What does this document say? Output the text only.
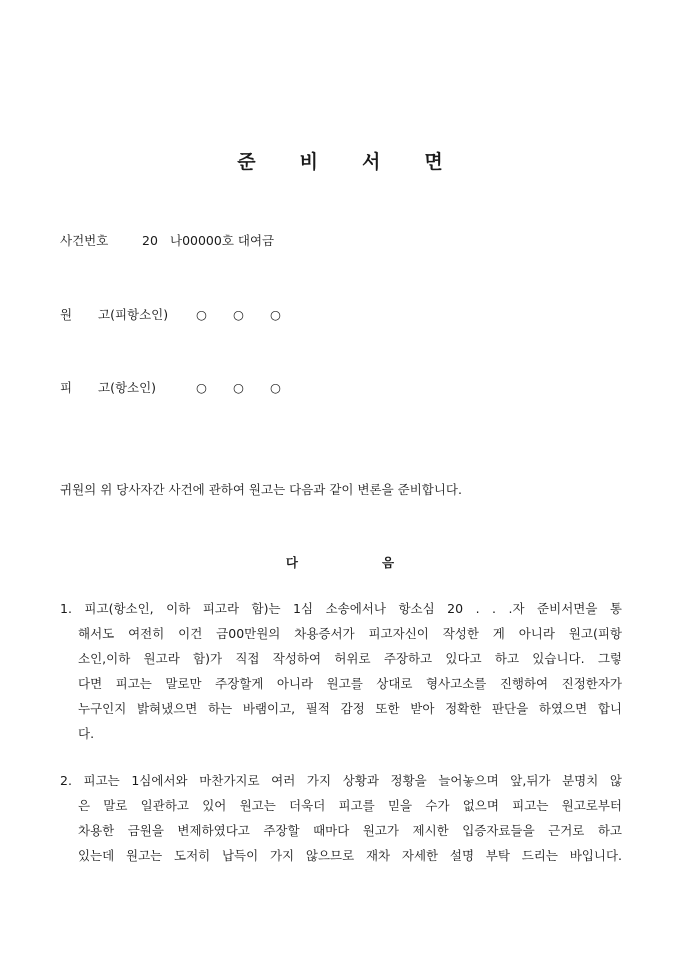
준비서면
사건번호	20 나00000호 대여금
원 고(피항소인) ○ ○ ○
피 고(항소인)	○ ○ ○
귀원의 위 당사자간 사건에 관하여 원고는 다음과 같이 변론을 준비합니다.
다	음
1. 피고(항소인, 이하 피고라 함)는 1심 소송에서나 항소심 20 . . .자 준비서면을 통
해서도 여전히 이건 금00만원의 차용증서가 피고자신이 작성한 게 아니라 원고(피항
소인,이하 원고라 함)가 직접 작성하여 허위로 주장하고 있다고 하고 있습니다. 그렇
다면 피고는 말로만 주장할게 아니라 원고를 상대로 형사고소를 진행하여 진정한자가
누구인지 밝혀냈으면 하는 바램이고, 필적 감정 또한 받아 정확한 판단을 하였으면 합니
다.
2. 피고는 1심에서와 마찬가지로 여러 가지 상황과 정황을 늘어놓으며 앞,뒤가 분명치 않
은 말로 일관하고 있어 원고는 더욱더 피고를 믿을 수가 없으며 피고는 원고로부터
차용한 금원을 변제하였다고 주장할 때마다 원고가 제시한 입증자료들을 근거로 하고
있는데 원고는 도저히 납득이 가지 않으므로 재차 자세한 설명 부탁 드리는 바입니다.
